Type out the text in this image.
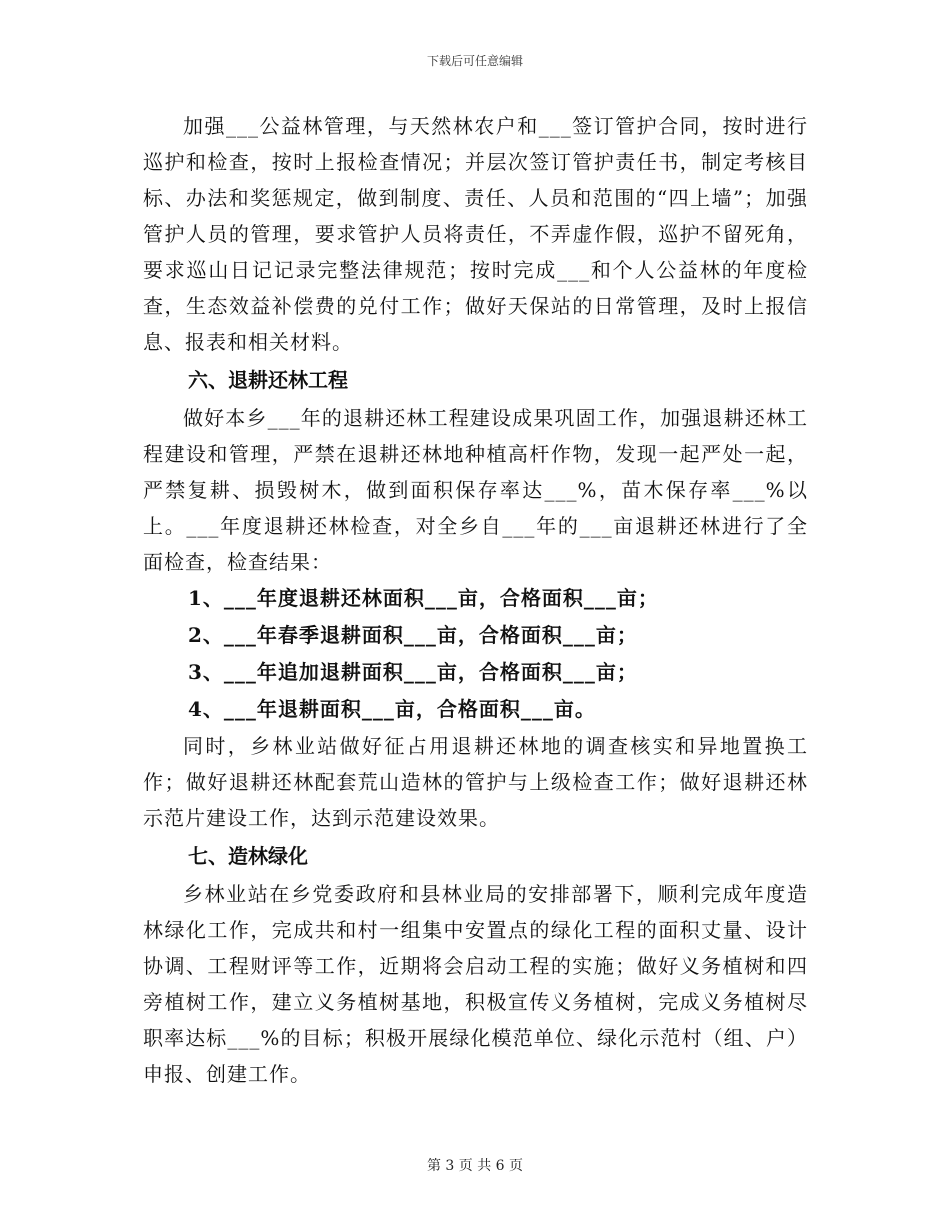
下载后可任意编辑

加强___公益林管理，与天然林农户和___签订管护合同，按时进行巡护和检查，按时上报检查情况；并层次签订管护责任书，制定考核目标、办法和奖惩规定，做到制度、责任、人员和范围的“四上墙”；加强管护人员的管理，要求管护人员将责任，不弄虚作假，巡护不留死角，要求巡山日记记录完整法律规范；按时完成___和个人公益林的年度检查，生态效益补偿费的兑付工作；做好天保站的日常管理，及时上报信息、报表和相关材料。

六、退耕还林工程

做好本乡___年的退耕还林工程建设成果巩固工作，加强退耕还林工程建设和管理，严禁在退耕还林地种植高杆作物，发现一起严处一起，严禁复耕、损毁树木，做到面积保存率达___%，苗木保存率___%以上。___年度退耕还林检查，对全乡自___年的___亩退耕还林进行了全面检查，检查结果：

1、___年度退耕还林面积___亩，合格面积___亩；

2、___年春季退耕面积___亩，合格面积___亩；

3、___年追加退耕面积___亩，合格面积___亩；

4、___年退耕面积___亩，合格面积___亩。

同时，乡林业站做好征占用退耕还林地的调查核实和异地置换工作；做好退耕还林配套荒山造林的管护与上级检查工作；做好退耕还林示范片建设工作，达到示范建设效果。

七、造林绿化

乡林业站在乡党委政府和县林业局的安排部署下，顺利完成年度造林绿化工作，完成共和村一组集中安置点的绿化工程的面积丈量、设计协调、工程财评等工作，近期将会启动工程的实施；做好义务植树和四旁植树工作，建立义务植树基地，积极宣传义务植树，完成义务植树尽职率达标___%的目标；积极开展绿化模范单位、绿化示范村（组、户）申报、创建工作。

第 3 页 共 6 页
